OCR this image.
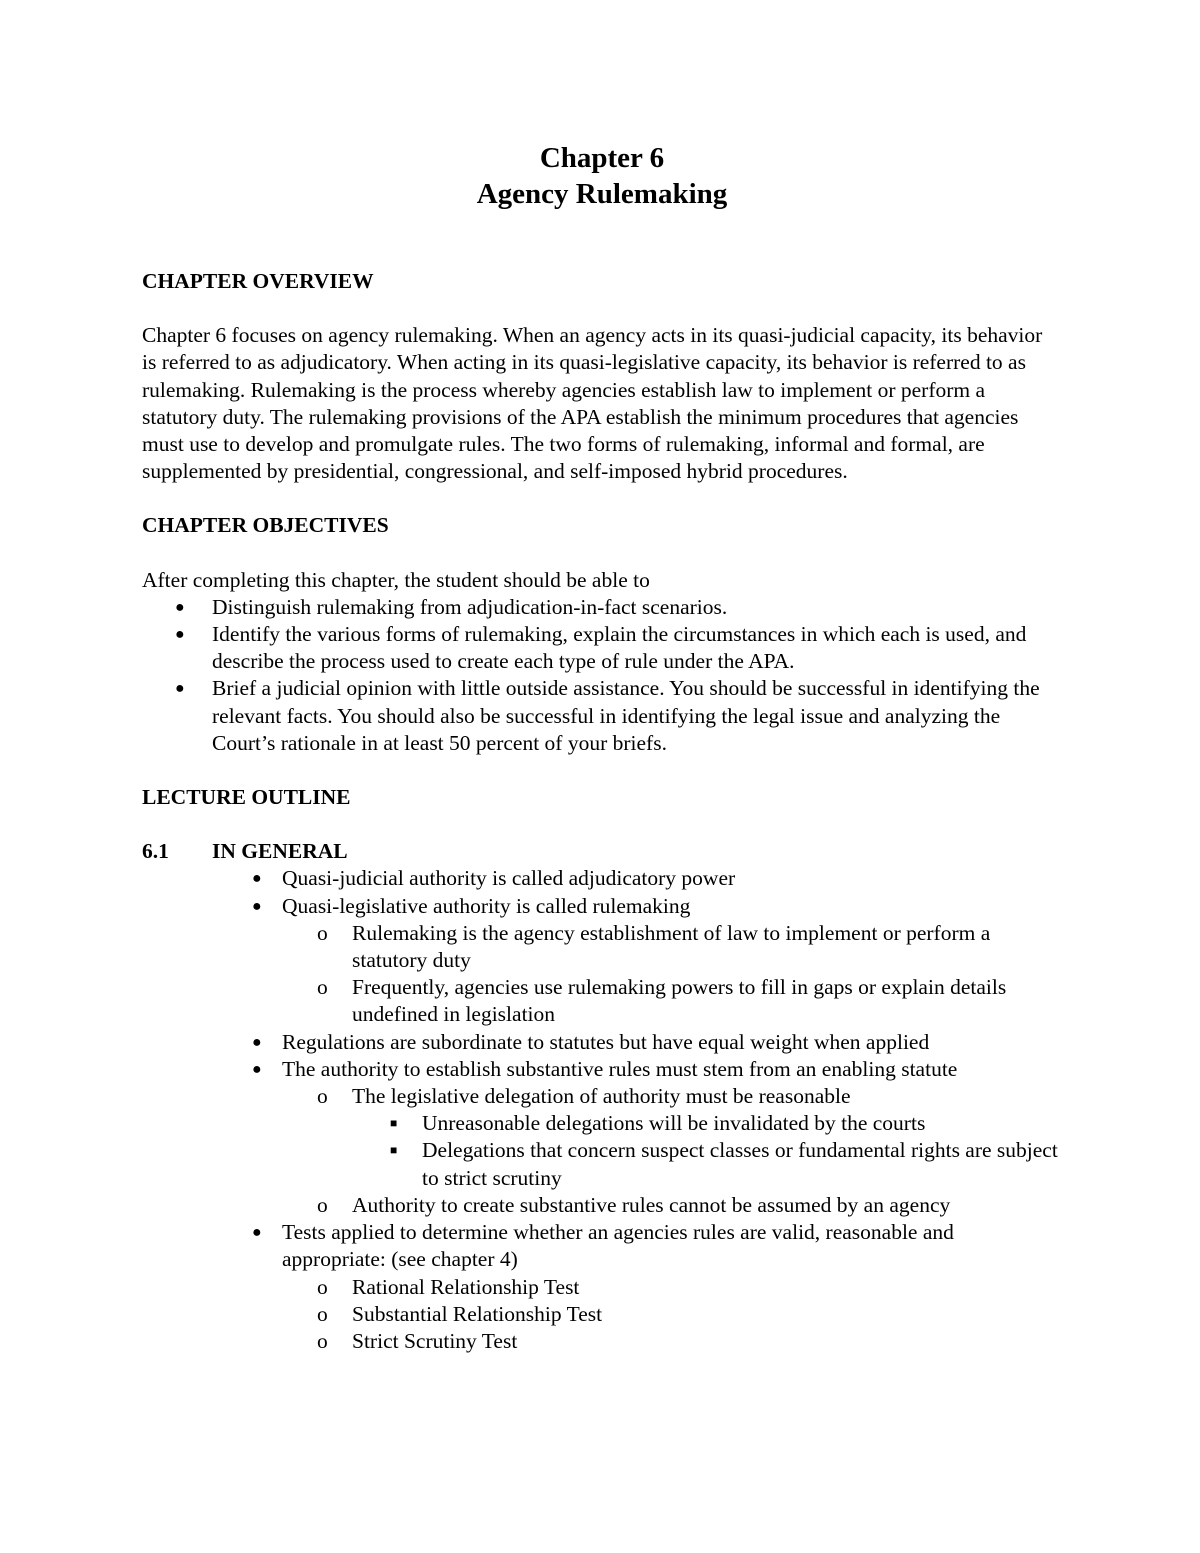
Chapter 6
Agency Rulemaking

CHAPTER OVERVIEW

Chapter 6 focuses on agency rulemaking. When an agency acts in its quasi-judicial capacity, its behavior is referred to as adjudicatory. When acting in its quasi-legislative capacity, its behavior is referred to as rulemaking. Rulemaking is the process whereby agencies establish law to implement or perform a statutory duty. The rulemaking provisions of the APA establish the minimum procedures that agencies must use to develop and promulgate rules. The two forms of rulemaking, informal and formal, are supplemented by presidential, congressional, and self-imposed hybrid procedures.

CHAPTER OBJECTIVES

After completing this chapter, the student should be able to

● Distinguish rulemaking from adjudication-in-fact scenarios.
● Identify the various forms of rulemaking, explain the circumstances in which each is used, and describe the process used to create each type of rule under the APA.
● Brief a judicial opinion with little outside assistance. You should be successful in identifying the relevant facts. You should also be successful in identifying the legal issue and analyzing the Court’s rationale in at least 50 percent of your briefs.

LECTURE OUTLINE

6.1	IN GENERAL
● Quasi-judicial authority is called adjudicatory power
● Quasi-legislative authority is called rulemaking
o Rulemaking is the agency establishment of law to implement or perform a statutory duty
o Frequently, agencies use rulemaking powers to fill in gaps or explain details undefined in legislation
● Regulations are subordinate to statutes but have equal weight when applied
● The authority to establish substantive rules must stem from an enabling statute
o The legislative delegation of authority must be reasonable
■ Unreasonable delegations will be invalidated by the courts
■ Delegations that concern suspect classes or fundamental rights are subject to strict scrutiny
o Authority to create substantive rules cannot be assumed by an agency
● Tests applied to determine whether an agencies rules are valid, reasonable and appropriate: (see chapter 4)
o Rational Relationship Test
o Substantial Relationship Test
o Strict Scrutiny Test
